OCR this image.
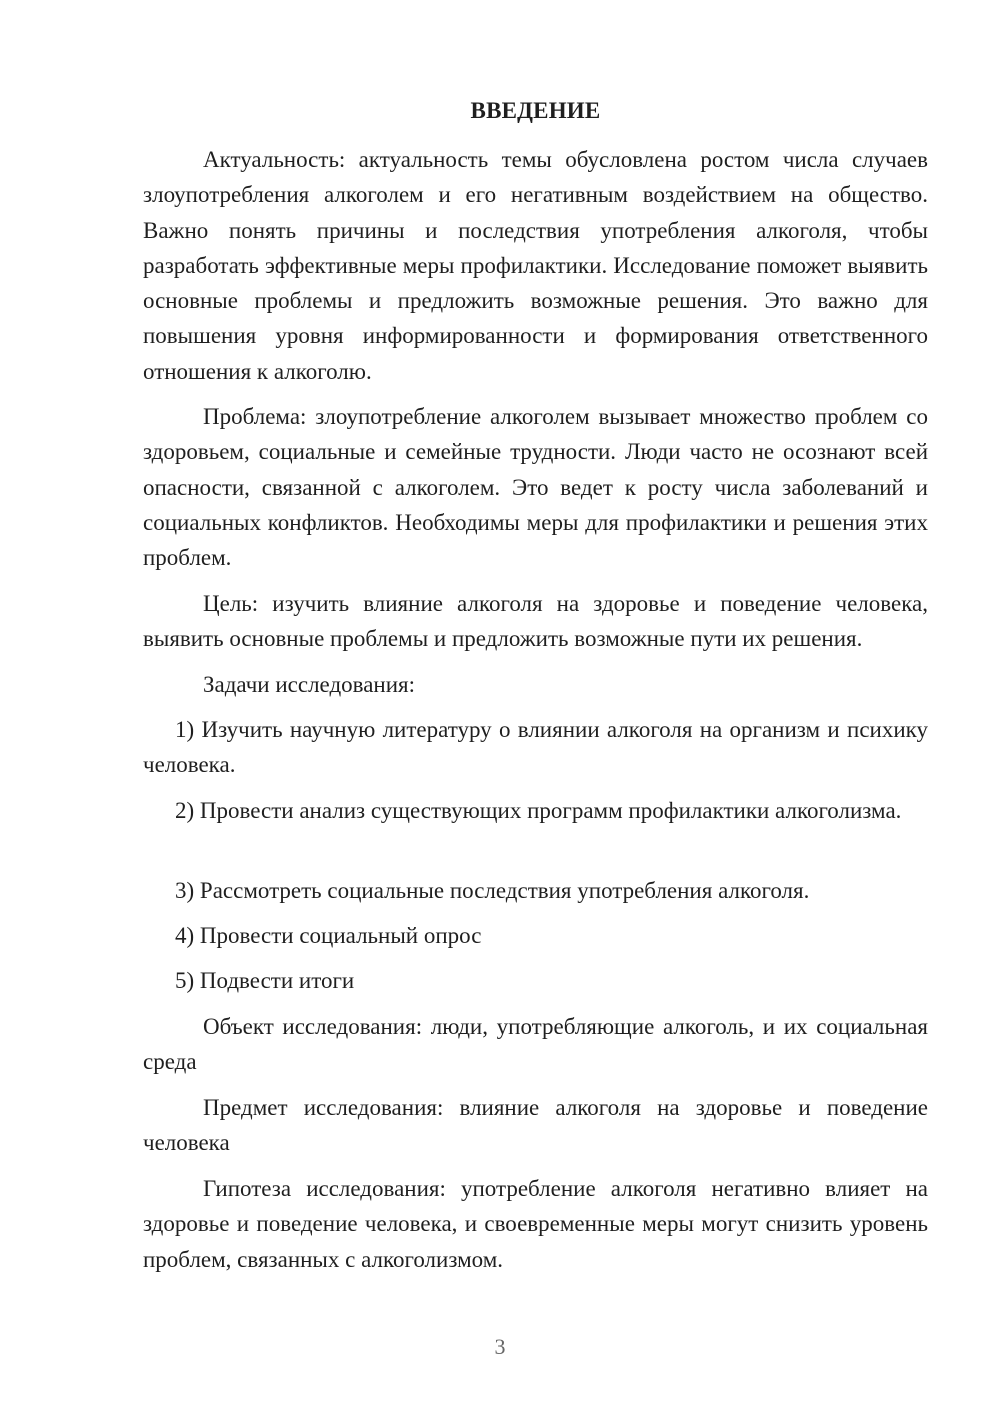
ВВЕДЕНИЕ

Актуальность: актуальность темы обусловлена ростом числа случаев злоупотребления алкоголем и его негативным воздействием на общество. Важно понять причины и последствия употребления алкоголя, чтобы разработать эффективные меры профилактики. Исследование поможет выявить основные проблемы и предложить возможные решения. Это важно для повышения уровня информированности и формирования ответственного отношения к алкоголю.

Проблема: злоупотребление алкоголем вызывает множество проблем со здоровьем, социальные и семейные трудности. Люди часто не осознают всей опасности, связанной с алкоголем. Это ведет к росту числа заболеваний и социальных конфликтов. Необходимы меры для профилактики и решения этих проблем.

Цель: изучить влияние алкоголя на здоровье и поведение человека, выявить основные проблемы и предложить возможные пути их решения.

Задачи исследования:

1) Изучить научную литературу о влиянии алкоголя на организм и психику человека.

2) Провести анализ существующих программ профилактики алкоголизма.

3) Рассмотреть социальные последствия употребления алкоголя.

4) Провести социальный опрос

5) Подвести итоги

Объект исследования: люди, употребляющие алкоголь, и их социальная среда

Предмет исследования: влияние алкоголя на здоровье и поведение человека

Гипотеза исследования: употребление алкоголя негативно влияет на здоровье и поведение человека, и своевременные меры могут снизить уровень проблем, связанных с алкоголизмом.

3
